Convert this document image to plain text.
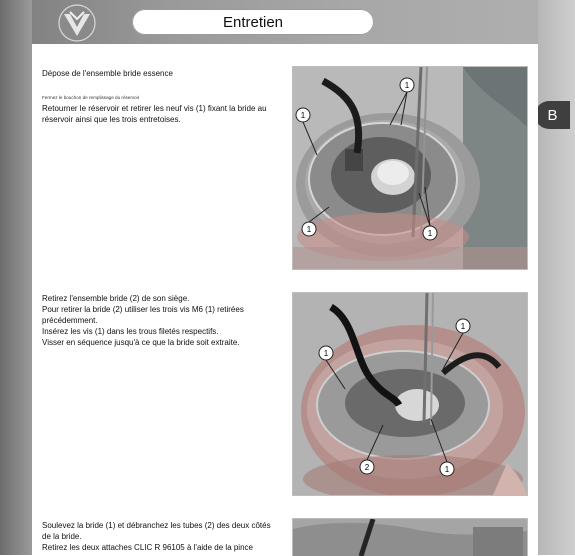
Entretien
B

Dépose de l'ensemble bride essence

Fermez le bouchon de remplissage du réservoir

Retourner le réservoir et retirer les neuf vis (1) fixant la bride au

réservoir ainsi que les trois entretoises.

1
1
1	1

Retirez l'ensemble bride (2) de son siège.

Pour retirer la bride (2) utiliser les trois vis M6 (1) retirées

précédemment.

Insérez les vis (1) dans les trous filetés respectifs.

Visser en séquence jusqu'à ce que la bride soit extraite.

1
1
2	1

Soulevez la bride (1) et débranchez les tubes (2) des deux côtés

de la bride.

Retirez les deux attaches CLIC R 96105 à l'aide de la pince
